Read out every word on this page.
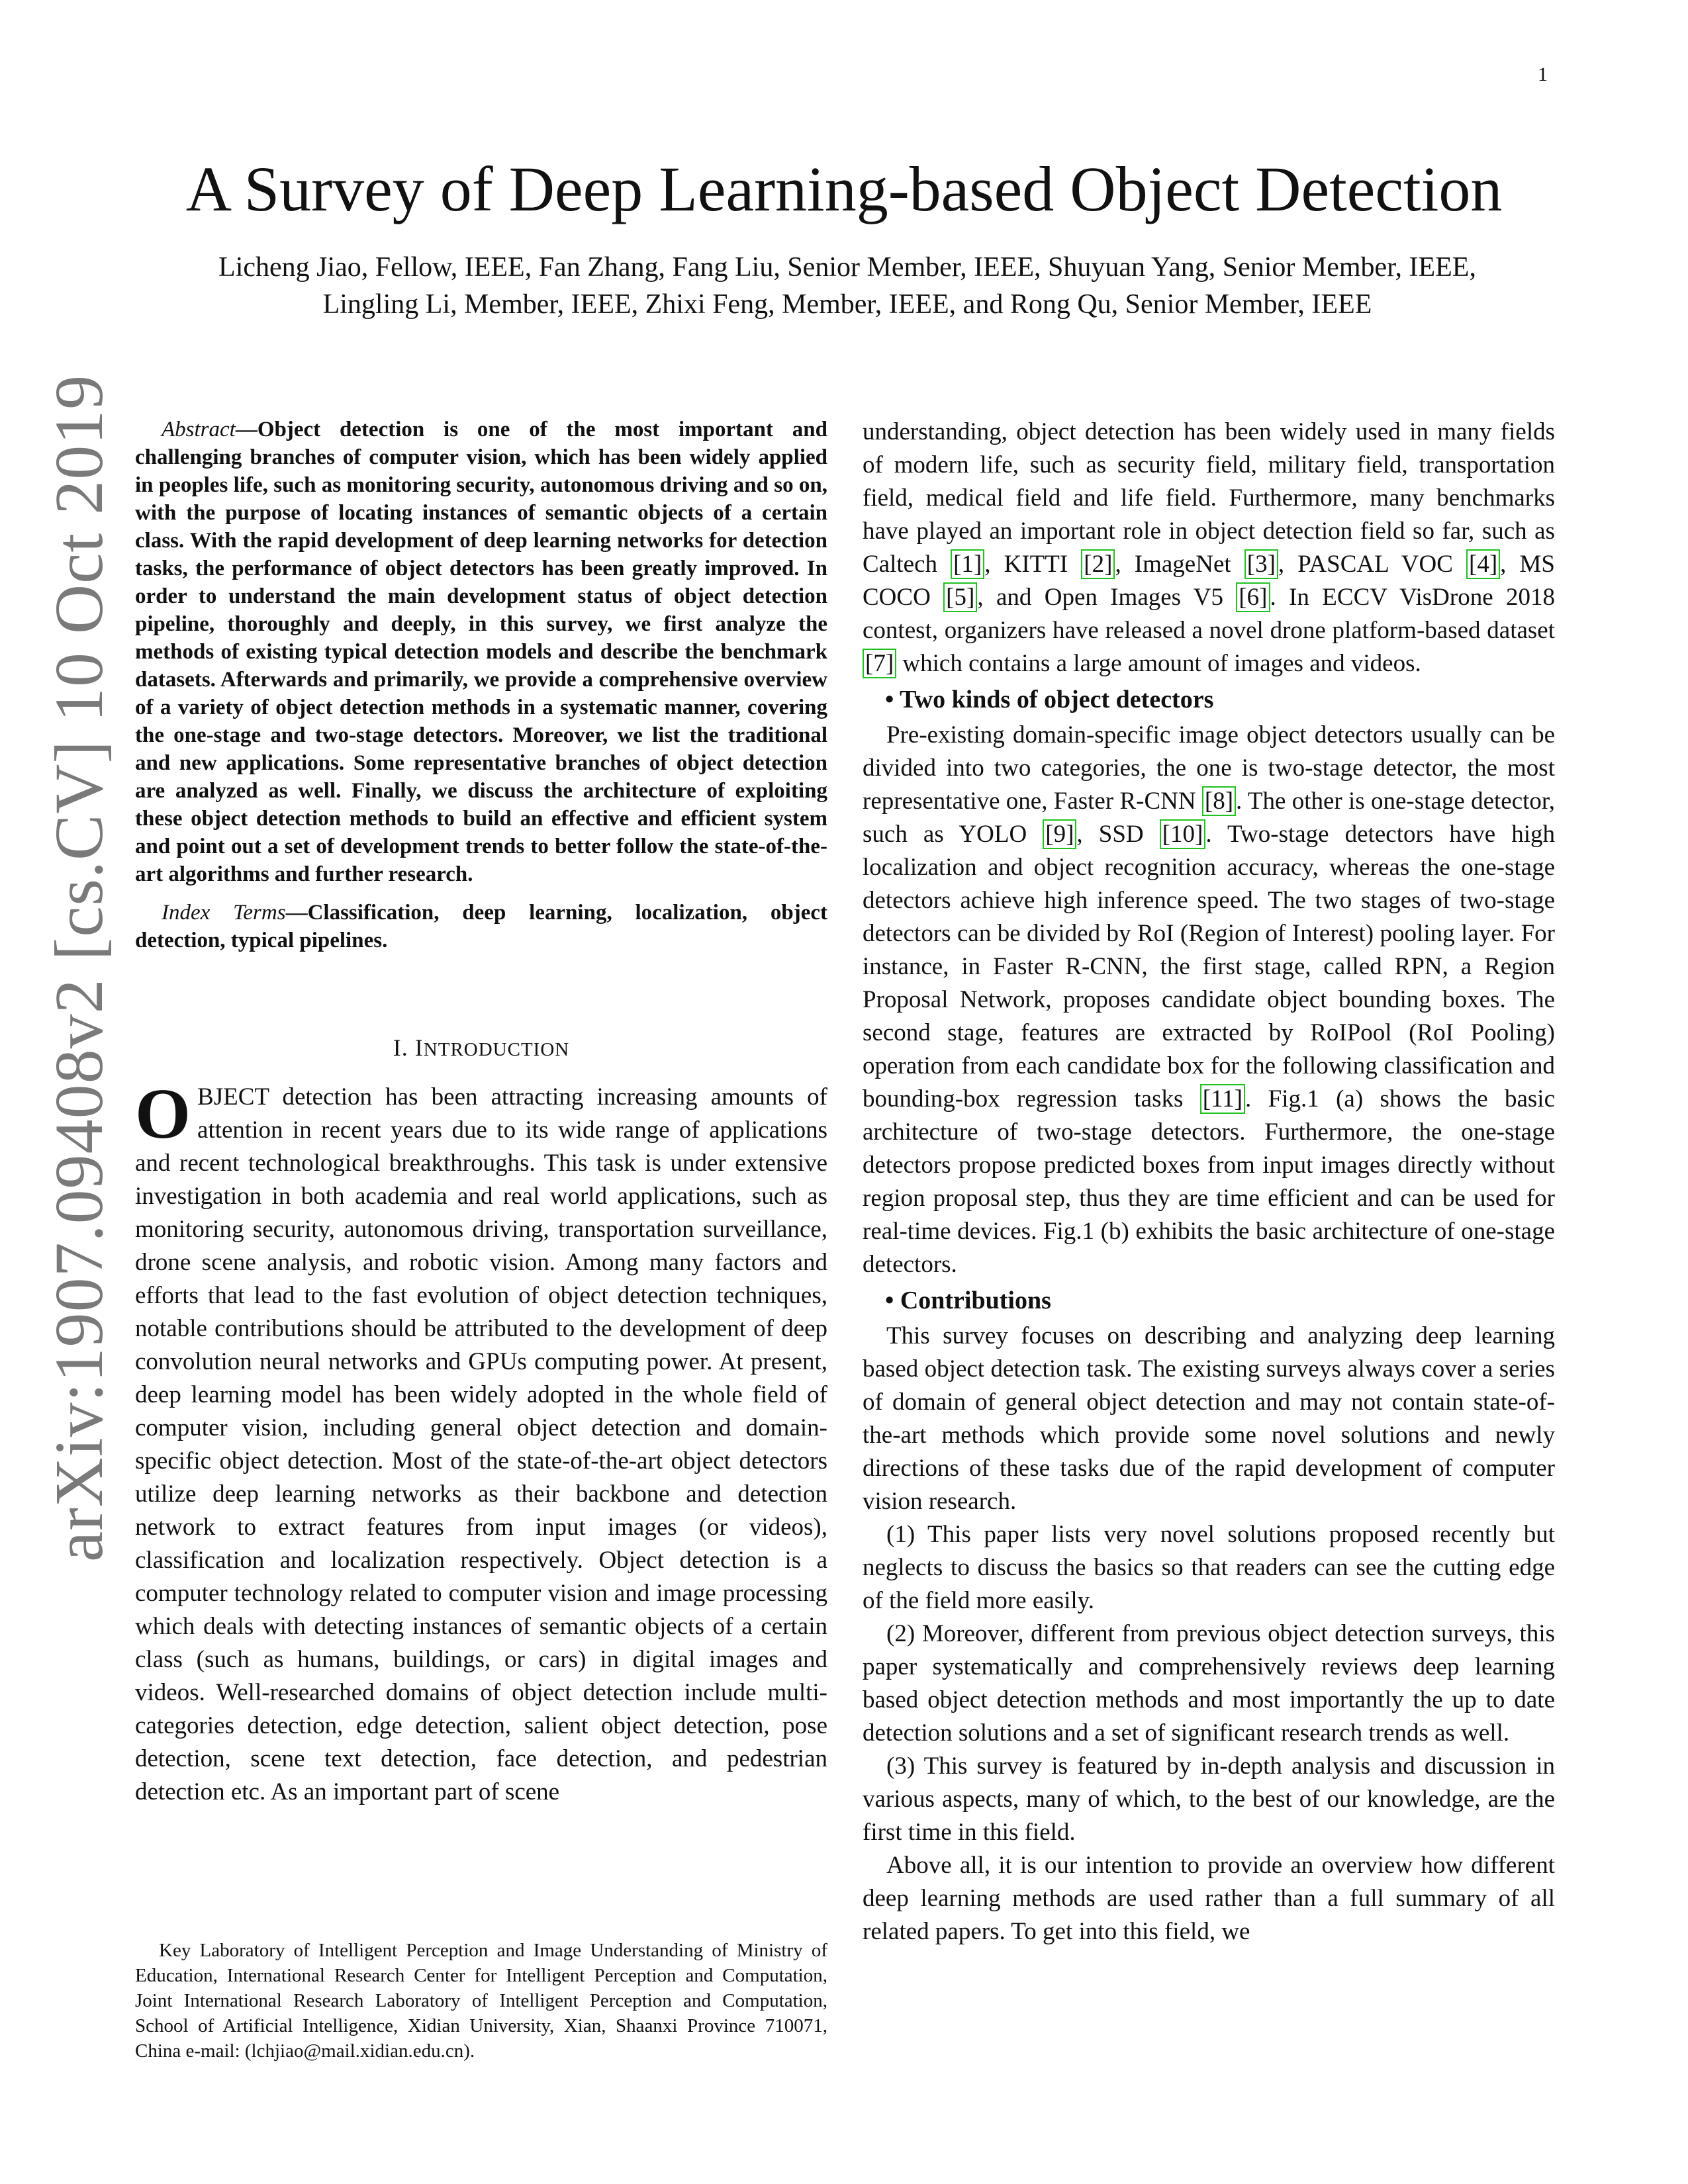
1
arXiv:1907.09408v2 [cs.CV] 10 Oct 2019
A Survey of Deep Learning-based Object Detection
Licheng Jiao, Fellow, IEEE, Fan Zhang, Fang Liu, Senior Member, IEEE, Shuyuan Yang, Senior Member, IEEE,
Lingling Li, Member, IEEE, Zhixi Feng, Member, IEEE, and Rong Qu, Senior Member, IEEE

Abstract—Object detection is one of the most important and challenging branches of computer vision, which has been widely applied in peoples life, such as monitoring security, autonomous driving and so on, with the purpose of locating instances of semantic objects of a certain class. With the rapid development of deep learning networks for detection tasks, the performance of object detectors has been greatly improved. In order to understand the main development status of object detection pipeline, thoroughly and deeply, in this survey, we first analyze the methods of existing typical detection models and describe the benchmark datasets. Afterwards and primarily, we provide a comprehensive overview of a variety of object detection methods in a systematic manner, covering the one-stage and two-stage detectors. Moreover, we list the traditional and new applications. Some representative branches of object detection are analyzed as well. Finally, we discuss the architecture of exploiting these object detection methods to build an effective and efficient system and point out a set of development trends to better follow the state-of-the-art algorithms and further research.

Index Terms—Classification, deep learning, localization, object detection, typical pipelines.

I. INTRODUCTION

OBJECT detection has been attracting increasing amounts of attention in recent years due to its wide range of applications and recent technological breakthroughs. This task is under extensive investigation in both academia and real world applications, such as monitoring security, autonomous driving, transportation surveillance, drone scene analysis, and robotic vision. Among many factors and efforts that lead to the fast evolution of object detection techniques, notable contributions should be attributed to the development of deep convolution neural networks and GPUs computing power. At present, deep learning model has been widely adopted in the whole field of computer vision, including general object detection and domain-specific object detection. Most of the state-of-the-art object detectors utilize deep learning networks as their backbone and detection network to extract features from input images (or videos), classification and localization respectively. Object detection is a computer technology related to computer vision and image processing which deals with detecting instances of semantic objects of a certain class (such as humans, buildings, or cars) in digital images and videos. Well-researched domains of object detection include multi-categories detection, edge detection, salient object detection, pose detection, scene text detection, face detection, and pedestrian detection etc. As an important part of scene

Key Laboratory of Intelligent Perception and Image Understanding of Ministry of Education, International Research Center for Intelligent Perception and Computation, Joint International Research Laboratory of Intelligent Perception and Computation, School of Artificial Intelligence, Xidian University, Xian, Shaanxi Province 710071, China e-mail: (lchjiao@mail.xidian.edu.cn).

understanding, object detection has been widely used in many fields of modern life, such as security field, military field, transportation field, medical field and life field. Furthermore, many benchmarks have played an important role in object detection field so far, such as Caltech [1] , KITTI [2] , ImageNet [3] , PASCAL VOC [4] , MS COCO [5] , and Open Images V5 [6] . In ECCV VisDrone 2018 contest, organizers have released a novel drone platform-based dataset [7] which contains a large amount of images and videos.

• Two kinds of object detectors

Pre-existing domain-specific image object detectors usually can be divided into two categories, the one is two-stage detector, the most representative one, Faster R-CNN [8] . The other is one-stage detector, such as YOLO [9] , SSD [10] . Two-stage detectors have high localization and object recognition accuracy, whereas the one-stage detectors achieve high inference speed. The two stages of two-stage detectors can be divided by RoI (Region of Interest) pooling layer. For instance, in Faster R-CNN, the first stage, called RPN, a Region Proposal Network, proposes candidate object bounding boxes. The second stage, features are extracted by RoIPool (RoI Pooling) operation from each candidate box for the following classification and bounding-box regression tasks [11] . Fig.1 (a) shows the basic architecture of two-stage detectors. Furthermore, the one-stage detectors propose predicted boxes from input images directly without region proposal step, thus they are time efficient and can be used for real-time devices. Fig.1 (b) exhibits the basic architecture of one-stage detectors.

• Contributions

This survey focuses on describing and analyzing deep learning based object detection task. The existing surveys always cover a series of domain of general object detection and may not contain state-of-the-art methods which provide some novel solutions and newly directions of these tasks due of the rapid development of computer vision research.

(1) This paper lists very novel solutions proposed recently but neglects to discuss the basics so that readers can see the cutting edge of the field more easily.

(2) Moreover, different from previous object detection surveys, this paper systematically and comprehensively reviews deep learning based object detection methods and most importantly the up to date detection solutions and a set of significant research trends as well.

(3) This survey is featured by in-depth analysis and discussion in various aspects, many of which, to the best of our knowledge, are the first time in this field.

Above all, it is our intention to provide an overview how different deep learning methods are used rather than a full summary of all related papers. To get into this field, we
